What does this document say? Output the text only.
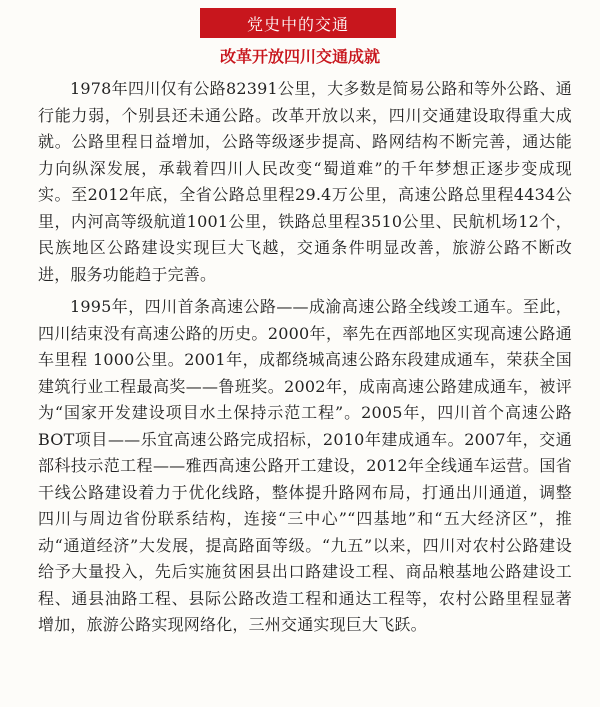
党史中的交通
改革开放四川交通成就

1978年四川仅有公路82391公里，大多数是简易公路和等外公路、通行能力弱，个别县还未通公路。改革开放以来，四川交通建设取得重大成就。公路里程日益增加，公路等级逐步提高、路网结构不断完善，通达能力向纵深发展，承载着四川人民改变“蜀道难”的千年梦想正逐步变成现实。至2012年底，全省公路总里程29.4万公里，高速公路总里程4434公里，内河高等级航道1001公里，铁路总里程3510公里、民航机场12个，民族地区公路建设实现巨大飞越，交通条件明显改善，旅游公路不断改进，服务功能趋于完善。

1995年，四川首条高速公路——成渝高速公路全线竣工通车。至此，四川结束没有高速公路的历史。2000年，率先在西部地区实现高速公路通车里程 1000公里。2001年，成都绕城高速公路东段建成通车，荣获全国建筑行业工程最高奖——鲁班奖。2002年，成南高速公路建成通车，被评为“国家开发建设项目水土保持示范工程”。2005年，四川首个高速公路 BOT项目——乐宜高速公路完成招标，2010年建成通车。2007年，交通部科技示范工程——雅西高速公路开工建设，2012年全线通车运营。国省干线公路建设着力于优化线路，整体提升路网布局，打通出川通道，调整四川与周边省份联系结构，连接“三中心”“四基地”和“五大经济区”，推动“通道经济”大发展，提高路面等级。“九五”以来，四川对农村公路建设给予大量投入，先后实施贫困县出口路建设工程、商品粮基地公路建设工程、通县油路工程、县际公路改造工程和通达工程等，农村公路里程显著增加，旅游公路实现网络化，三州交通实现巨大飞跃。
